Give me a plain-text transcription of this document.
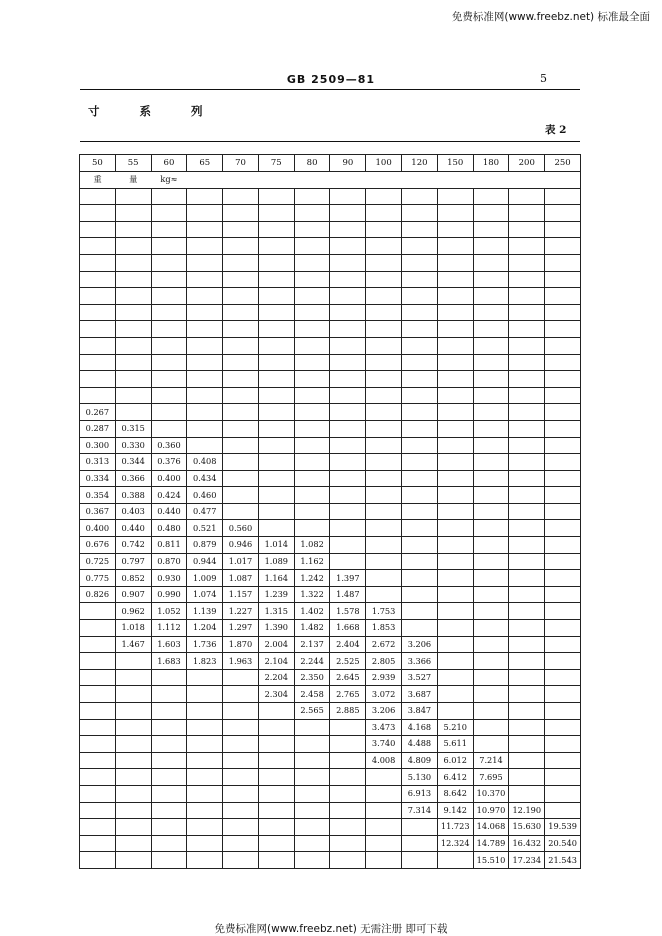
免费标准网(www.freebz.net) 标准最全面
GB 2509—81	5
寸 系 列
表 2
50	55	60	65	70	75	80	90	100	120	150	180	200	250
重	量	kg≈											

0.267													
0.287	0.315												
0.300	0.330	0.360											
0.313	0.344	0.376	0.408										
0.334	0.366	0.400	0.434										
0.354	0.388	0.424	0.460										
0.367	0.403	0.440	0.477										
0.400	0.440	0.480	0.521	0.560									
0.676	0.742	0.811	0.879	0.946	1.014	1.082							
0.725	0.797	0.870	0.944	1.017	1.089	1.162							
0.775	0.852	0.930	1.009	1.087	1.164	1.242	1.397						
0.826	0.907	0.990	1.074	1.157	1.239	1.322	1.487						
	0.962	1.052	1.139	1.227	1.315	1.402	1.578	1.753					
	1.018	1.112	1.204	1.297	1.390	1.482	1.668	1.853					
	1.467	1.603	1.736	1.870	2.004	2.137	2.404	2.672	3.206				
		1.683	1.823	1.963	2.104	2.244	2.525	2.805	3.366				
					2.204	2.350	2.645	2.939	3.527				
					2.304	2.458	2.765	3.072	3.687				
						2.565	2.885	3.206	3.847				
								3.473	4.168	5.210			
								3.740	4.488	5.611			
								4.008	4.809	6.012	7.214		
									5.130	6.412	7.695		
									6.913	8.642	10.370		
									7.314	9.142	10.970	12.190	
										11.723	14.068	15.630	19.539
										12.324	14.789	16.432	20.540
											15.510	17.234	21.543
免费标准网(www.freebz.net) 无需注册 即可下载
